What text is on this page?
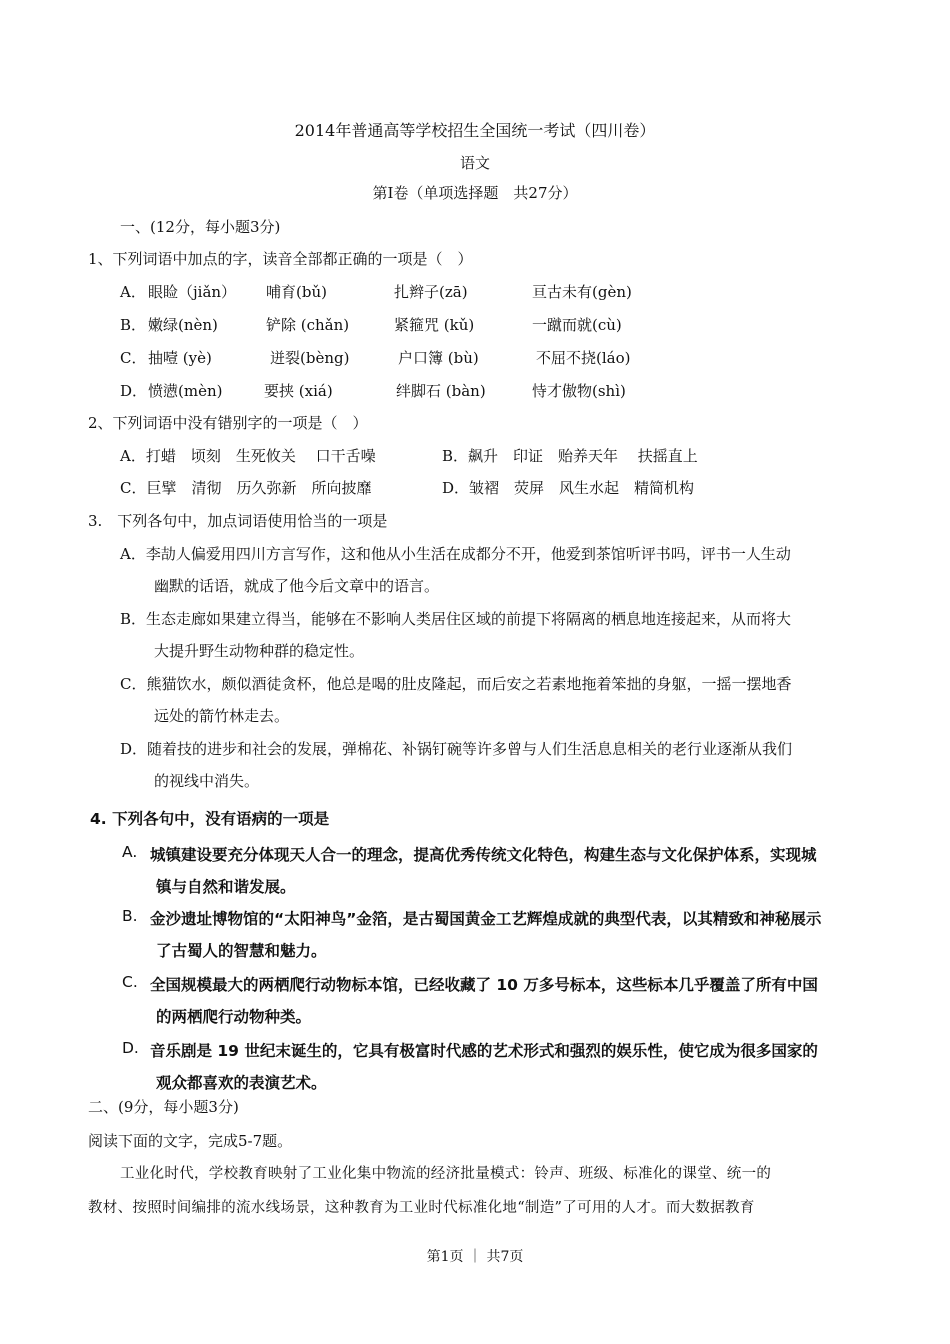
2014年普通高等学校招生全国统一考试（四川卷）
语文
第Ⅰ卷（单项选择题　共27分）
一、(12分，每小题3分)
1、下列词语中加点的字，读音全部都正确的一项是（　）
A． 眼睑（jiǎn） 哺育(bǔ)	扎辫子(zā)	亘古未有(gèn)
B． 嫩绿(nèn)	铲除 (chǎn)	紧箍咒 (kǔ)	一蹴而就(cù)
C． 抽噎 (yè)	迸裂(bèng)	户口簿 (bù)	不屈不挠(láo)
D． 愤懑(mèn)	要挟 (xiá)	绊脚石 (bàn)	恃才傲物(shì)
2、下列词语中没有错别字的一项是（　）
A．打蜡　顷刻　生死攸关　 口干舌噪	B．飙升　印证　贻养天年　 扶摇直上
C．巨擘　清彻　历久弥新　所向披靡	D．皱褶　荧屏　风生水起　精简机构
3.　下列各句中，加点词语使用恰当的一项是
A．李劼人偏爱用四川方言写作，这和他从小生活在成都分不开，他爱到茶馆听评书吗，评书一人生动
幽默的话语，就成了他今后文章中的语言。
B．生态走廊如果建立得当，能够在不影响人类居住区域的前提下将隔离的栖息地连接起来，从而将大
大提升野生动物种群的稳定性。
C．熊猫饮水，颇似酒徒贪杯，他总是喝的肚皮隆起，而后安之若素地拖着笨拙的身躯，一摇一摆地香
远处的箭竹林走去。
D．随着技的进步和社会的发展，弹棉花、补锅钉碗等许多曾与人们生活息息相关的老行业逐渐从我们
的视线中消失。
4. 下列各句中，没有语病的一项是
A. 城镇建设要充分体现天人合一的理念，提高优秀传统文化特色，构建生态与文化保护体系，实现城
镇与自然和谐发展。
B. 金沙遗址博物馆的“太阳神鸟”金箔，是古蜀国黄金工艺辉煌成就的典型代表，以其精致和神秘展示
了古蜀人的智慧和魅力。
C. 全国规模最大的两栖爬行动物标本馆，已经收藏了 10 万多号标本，这些标本几乎覆盖了所有中国
的两栖爬行动物种类。
D. 音乐剧是 19 世纪末诞生的，它具有极富时代感的艺术形式和强烈的娱乐性，使它成为很多国家的
观众都喜欢的表演艺术。
二、(9分，每小题3分)
阅读下面的文字，完成5-7题。
工业化时代，学校教育映射了工业化集中物流的经济批量模式：铃声、班级、标准化的课堂、统一的
教材、按照时间编排的流水线场景，这种教育为工业时代标准化地“制造”了可用的人才。而大数据教育
第1页 ｜ 共7页
